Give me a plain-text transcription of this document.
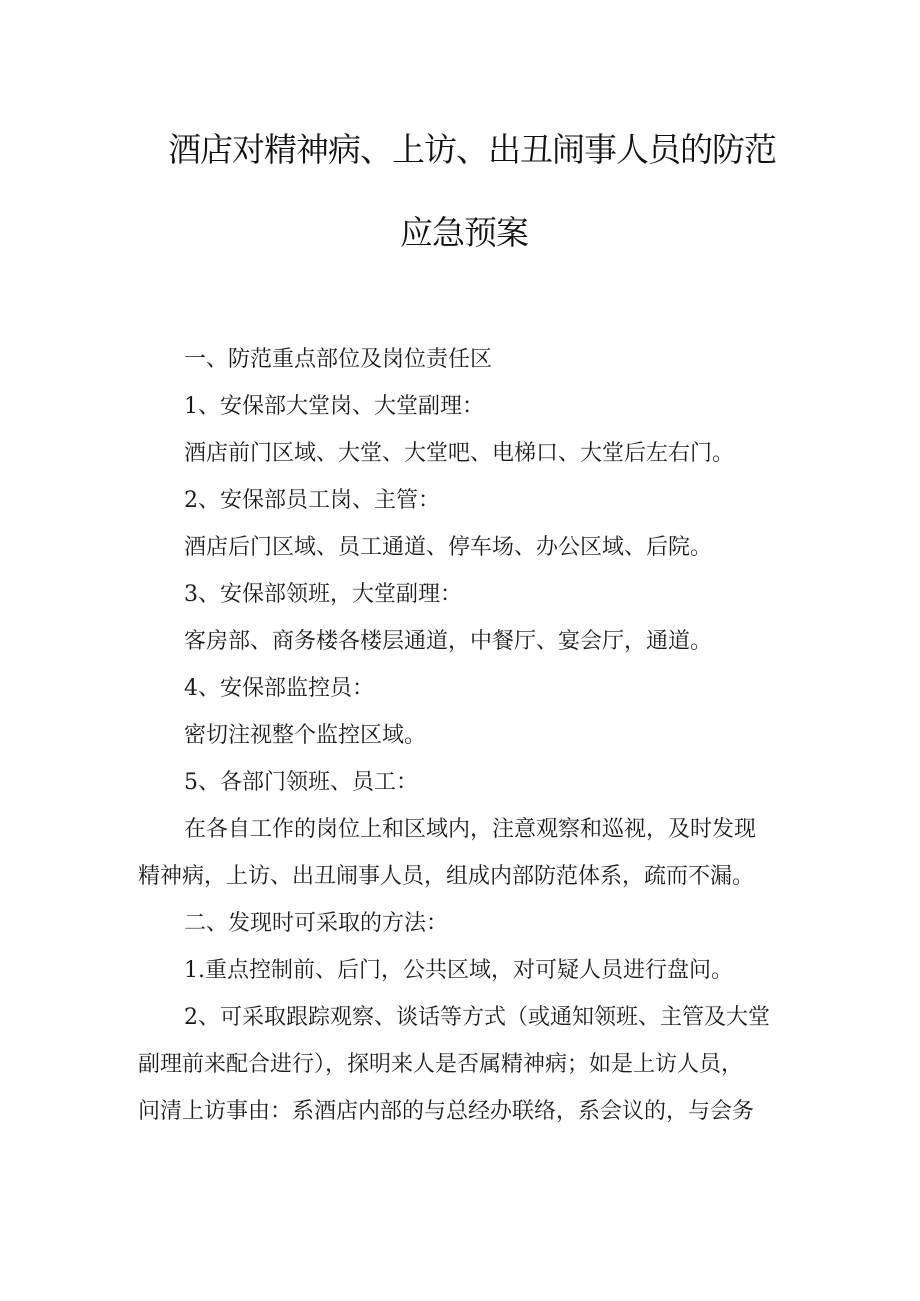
酒店对精神病、上访、出丑闹事人员的防范
应急预案

一、防范重点部位及岗位责任区

1、安保部大堂岗、大堂副理：

酒店前门区域、大堂、大堂吧、电梯口、大堂后左右门。

2、安保部员工岗、主管：

酒店后门区域、员工通道、停车场、办公区域、后院。

3、安保部领班，大堂副理：

客房部、商务楼各楼层通道，中餐厅、宴会厅，通道。

4、安保部监控员：

密切注视整个监控区域。

5、各部门领班、员工：

在各自工作的岗位上和区域内，注意观察和巡视，及时发现

精神病，上访、出丑闹事人员，组成内部防范体系，疏而不漏。

二、发现时可采取的方法：

1.重点控制前、后门，公共区域，对可疑人员进行盘问。

2、可采取跟踪观察、谈话等方式（或通知领班、主管及大堂

副理前来配合进行），探明来人是否属精神病；如是上访人员，

问清上访事由：系酒店内部的与总经办联络，系会议的，与会务
